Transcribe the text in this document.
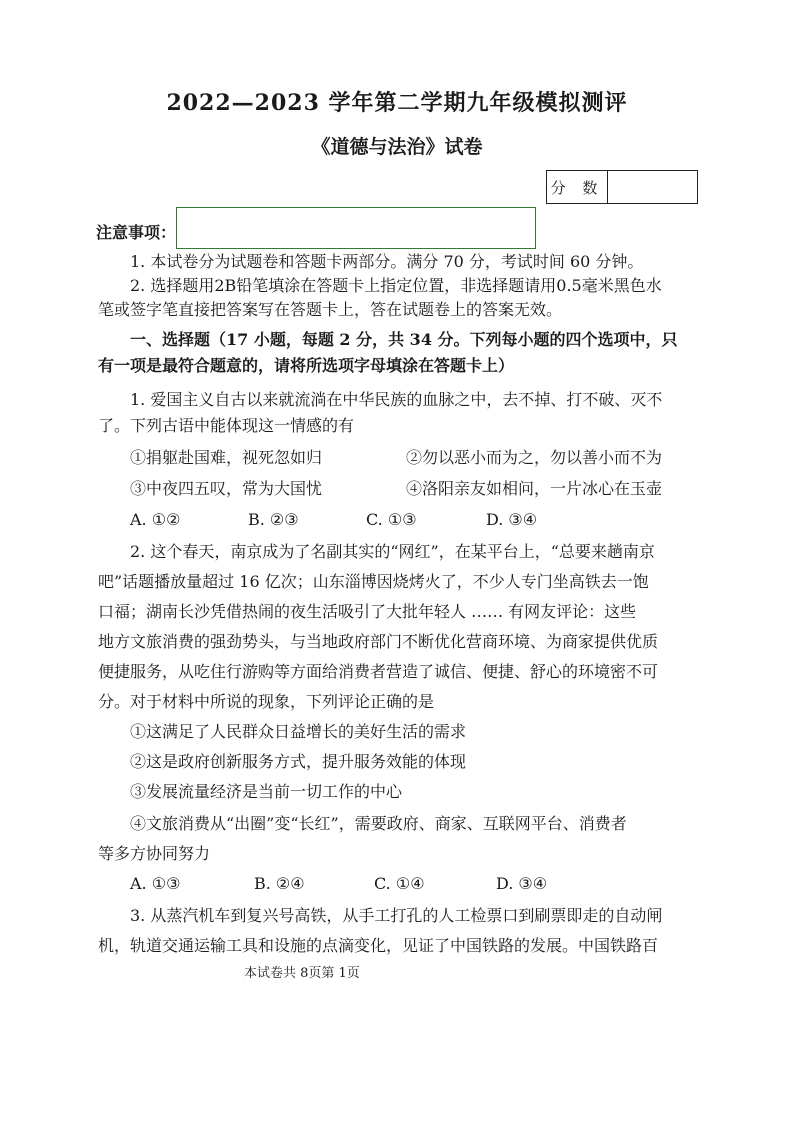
2022—2023 学年第二学期九年级模拟测评
《道德与法治》试卷
分 数
注意事项：
1. 本试卷分为试题卷和答题卡两部分。满分 70 分，考试时间 60 分钟。
2. 选择题用2B铅笔填涂在答题卡上指定位置，非选择题请用0.5毫米黑色水
笔或签字笔直接把答案写在答题卡上，答在试题卷上的答案无效。
一、选择题（17 小题，每题 2 分，共 34 分。下列每小题的四个选项中，只
有一项是最符合题意的，请将所选项字母填涂在答题卡上）
1. 爱国主义自古以来就流淌在中华民族的血脉之中，去不掉、打不破、灭不
了。下列古语中能体现这一情感的有
①捐躯赴国难，视死忽如归	②勿以恶小而为之，勿以善小而不为
③中夜四五叹，常为大国忧	④洛阳亲友如相问，一片冰心在玉壶
A. ①②	B. ②③	C. ①③	D. ③④
2. 这个春天，南京成为了名副其实的“网红”，在某平台上，“总要来趟南京
吧”话题播放量超过 16 亿次；山东淄博因烧烤火了，不少人专门坐高铁去一饱
口福；湖南长沙凭借热闹的夜生活吸引了大批年轻人 …… 有网友评论：这些
地方文旅消费的强劲势头，与当地政府部门不断优化营商环境、为商家提供优质
便捷服务，从吃住行游购等方面给消费者营造了诚信、便捷、舒心的环境密不可
分。对于材料中所说的现象，下列评论正确的是
①这满足了人民群众日益增长的美好生活的需求
②这是政府创新服务方式，提升服务效能的体现
③发展流量经济是当前一切工作的中心
④文旅消费从“出圈”变“长红”，需要政府、商家、互联网平台、消费者
等多方协同努力
A. ①③	B. ②④	C. ①④	D. ③④
3. 从蒸汽机车到复兴号高铁，从手工打孔的人工检票口到刷票即走的自动闸
机，轨道交通运输工具和设施的点滴变化，见证了中国铁路的发展。中国铁路百
本试卷共 8页第 1页
